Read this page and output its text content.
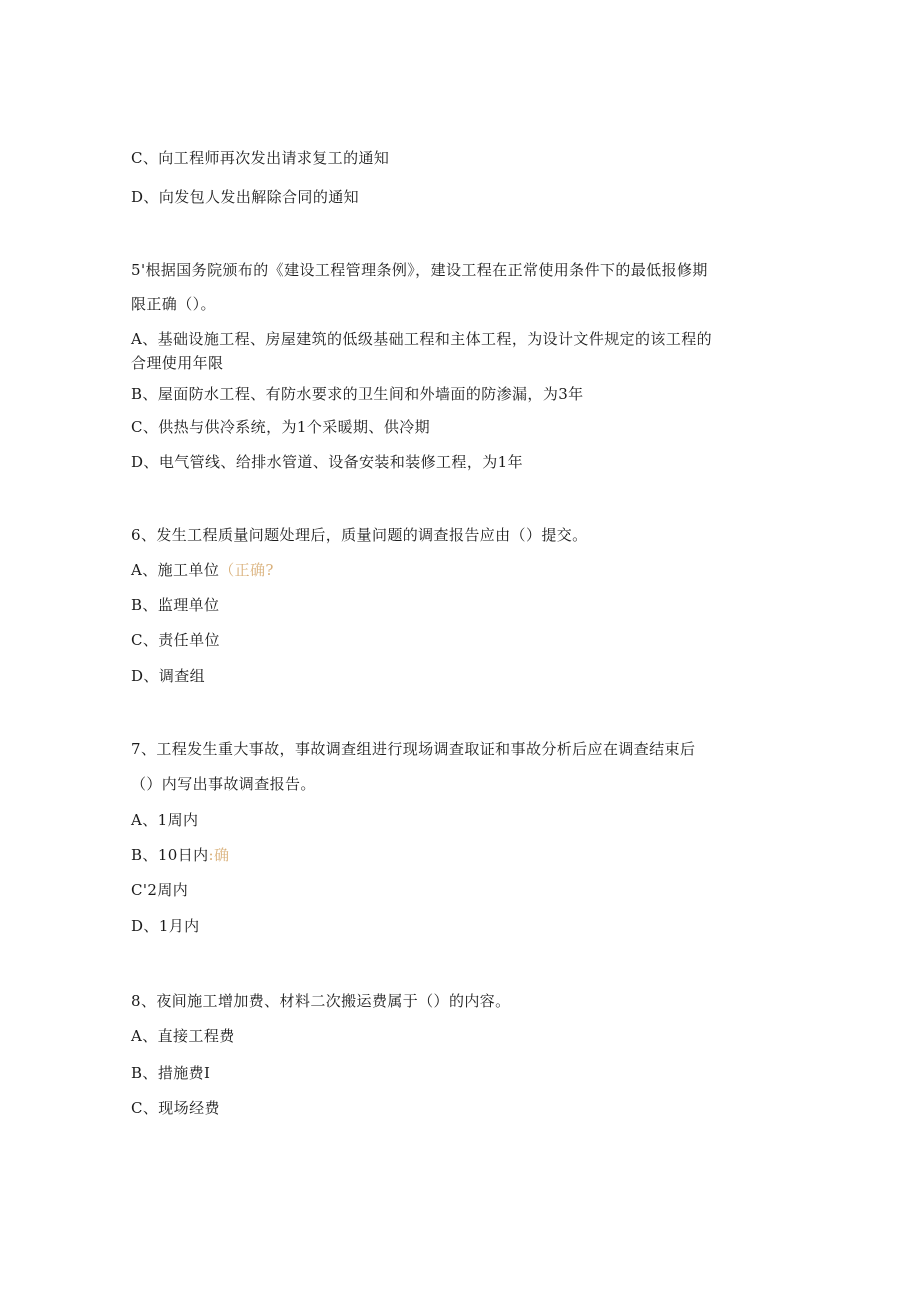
C、向工程师再次发出请求复工的通知
D、向发包人发出解除合同的通知
5'根据国务院颁布的《建设工程管理条例》，建设工程在正常使用条件下的最低报修期
限正确（）。
A、基础设施工程、房屋建筑的低级基础工程和主体工程，为设计文件规定的该工程的
合理使用年限
B、屋面防水工程、有防水要求的卫生间和外墙面的防渗漏，为3年
C、供热与供冷系统，为1个采暖期、供冷期
D、电气管线、给排水管道、设备安装和装修工程，为1年
6、发生工程质量问题处理后，质量问题的调查报告应由（）提交。
A、施工单位（正确?
B、监理单位
C、责任单位
D、调查组
7、工程发生重大事故，事故调查组进行现场调查取证和事故分析后应在调查结束后
（）内写出事故调查报告。
A、1周内
B、10日内:确
C'2周内
D、1月内
8、夜间施工增加费、材料二次搬运费属于（）的内容。
A、直接工程费
B、措施费I
C、现场经费
